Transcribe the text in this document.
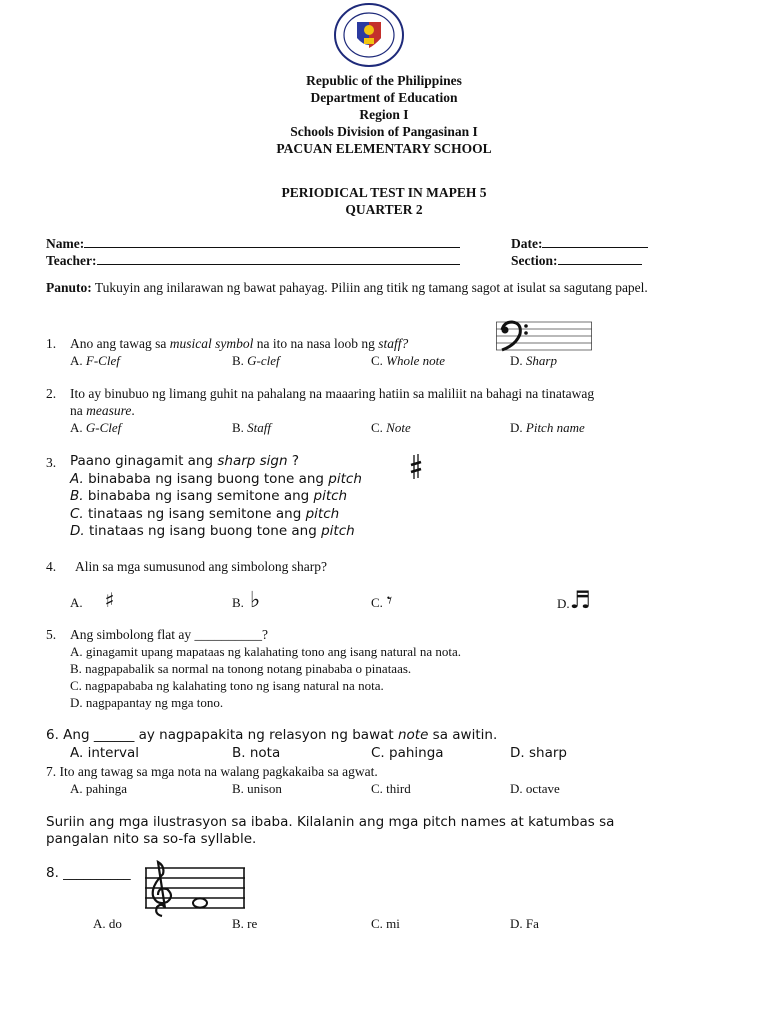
Republic of the Philippines
Department of Education
Region I
Schools Division of Pangasinan I
PACUAN ELEMENTARY SCHOOL
PERIODICAL TEST IN MAPEH 5
QUARTER 2
Name:
Teacher:
Date:
Section:
Panuto: Tukuyin ang inilarawan ng bawat pahayag. Piliin ang titik ng tamang sagot at isulat sa sagutang papel.
1. Ano ang tawag sa musical symbol na ito na nasa loob ng staff?
A. F-Clef	B. G-clef	C. Whole note	D. Sharp
2. Ito ay binubuo ng limang guhit na pahalang na maaaring hatiin sa maliliit na bahagi na tinatawag
na measure.
A. G-Clef	B. Staff	C. Note	D. Pitch name
3. Paano ginagamit ang sharp sign ?
A. binababa ng isang buong tone ang pitch
B. binababa ng isang semitone ang pitch
C. tinataas ng isang semitone ang pitch
D. tinataas ng isang buong tone ang pitch
4. Alin sa mga sumusunod ang simbolong sharp?
A. ♯	B. ♭	C. 𝄾	D.♬
5. Ang simbolong flat ay __________?
A. ginagamit upang mapataas ng kalahating tono ang isang natural na nota.
B. nagpapabalik sa normal na tonong notang pinababa o pinataas.
C. nagpapababa ng kalahating tono ng isang natural na nota.
D. nagpapantay ng mga tono.
6. Ang ______ ay nagpapakita ng relasyon ng bawat note sa awitin.
A. interval	B. nota	C. pahinga	D. sharp
7. Ito ang tawag sa mga nota na walang pagkakaiba sa agwat.
A. pahinga	B. unison	C. third	D. octave
Suriin ang mga ilustrasyon sa ibaba. Kilalanin ang mga pitch names at katumbas sa
pangalan nito sa so-fa syllable.
8. __________
A. do	B. re	C. mi	D. Fa
